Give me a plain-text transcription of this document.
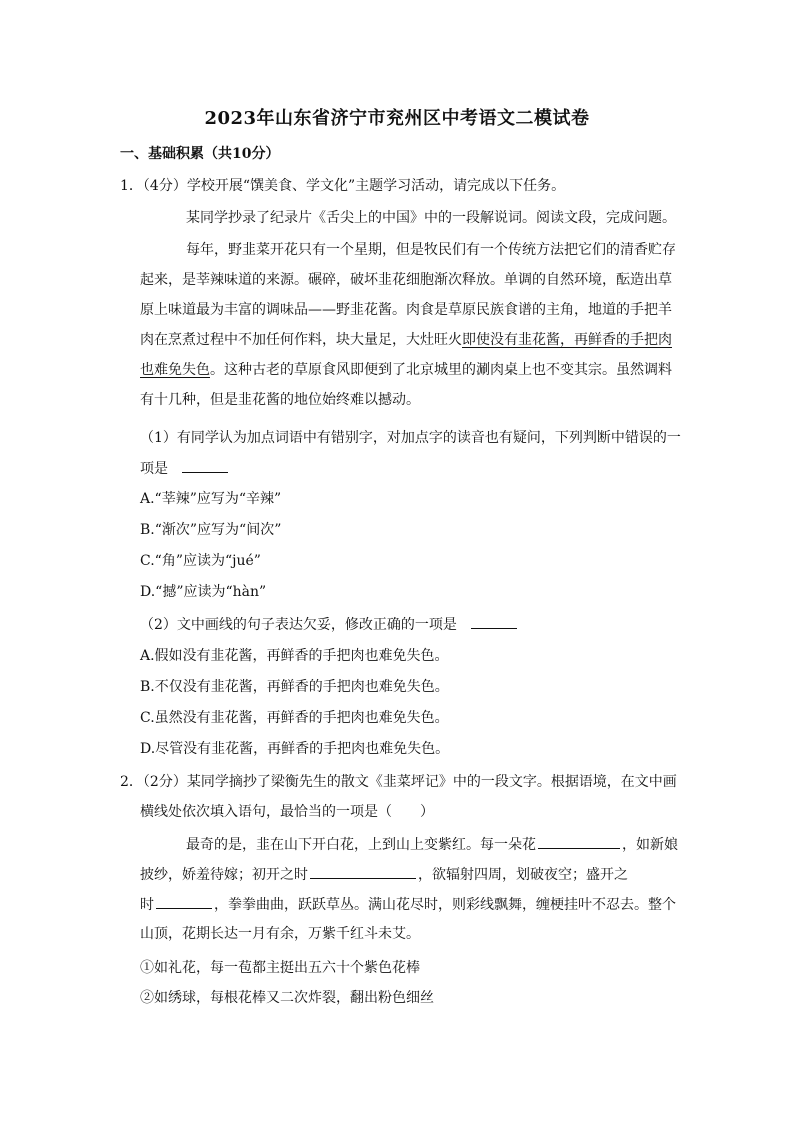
2023年山东省济宁市兖州区中考语文二模试卷
一、基础积累（共10分）
1．（4分）学校开展“馔美食、学文化”主题学习活动，请完成以下任务。
某同学抄录了纪录片《舌尖上的中国》中的一段解说词。阅读文段，完成问题。
每年，野韭菜开花只有一个星期，但是牧民们有一个传统方法把它们的清香贮存
起来，是莘辣味道的来源。碾碎，破坏韭花细胞渐次释放。单调的自然环境，酝造出草
原上味道最为丰富的调味品——野韭花酱。肉食是草原民族食谱的主角，地道的手把羊
肉在烹煮过程中不加任何作料，块大量足，大灶旺火即使没有韭花酱，再鲜香的手把肉
也难免失色。这种古老的草原食风即便到了北京城里的涮肉桌上也不变其宗。虽然调料
有十几种，但是韭花酱的地位始终难以撼动。
（1）有同学认为加点词语中有错别字，对加点字的读音也有疑问，下列判断中错误的一
项是
A.“莘辣”应写为“辛辣”
B.“渐次”应写为“间次”
C.“角”应读为“jué”
D.“撼”应读为“hàn”
（2）文中画线的句子表达欠妥，修改正确的一项是
A.假如没有韭花酱，再鲜香的手把肉也难免失色。
B.不仅没有韭花酱，再鲜香的手把肉也难免失色。
C.虽然没有韭花酱，再鲜香的手把肉也难免失色。
D.尽管没有韭花酱，再鲜香的手把肉也难免失色。
2．（2分）某同学摘抄了梁衡先生的散文《韭菜坪记》中的一段文字。根据语境，在文中画
横线处依次填入语句，最恰当的一项是（　　）
最奇的是，韭在山下开白花，上到山上变紫红。每一朵花	，如新娘
披纱，娇羞待嫁；初开之时	，欲辐射四周，划破夜空；盛开之
时	，拳拳曲曲，跃跃草丛。满山花尽时，则彩线飘舞，缠梗挂叶不忍去。整个
山顶，花期长达一月有余，万紫千红斗未艾。
①如礼花，每一苞都主挺出五六十个紫色花棒
②如绣球，每根花棒又二次炸裂，翻出粉色细丝
